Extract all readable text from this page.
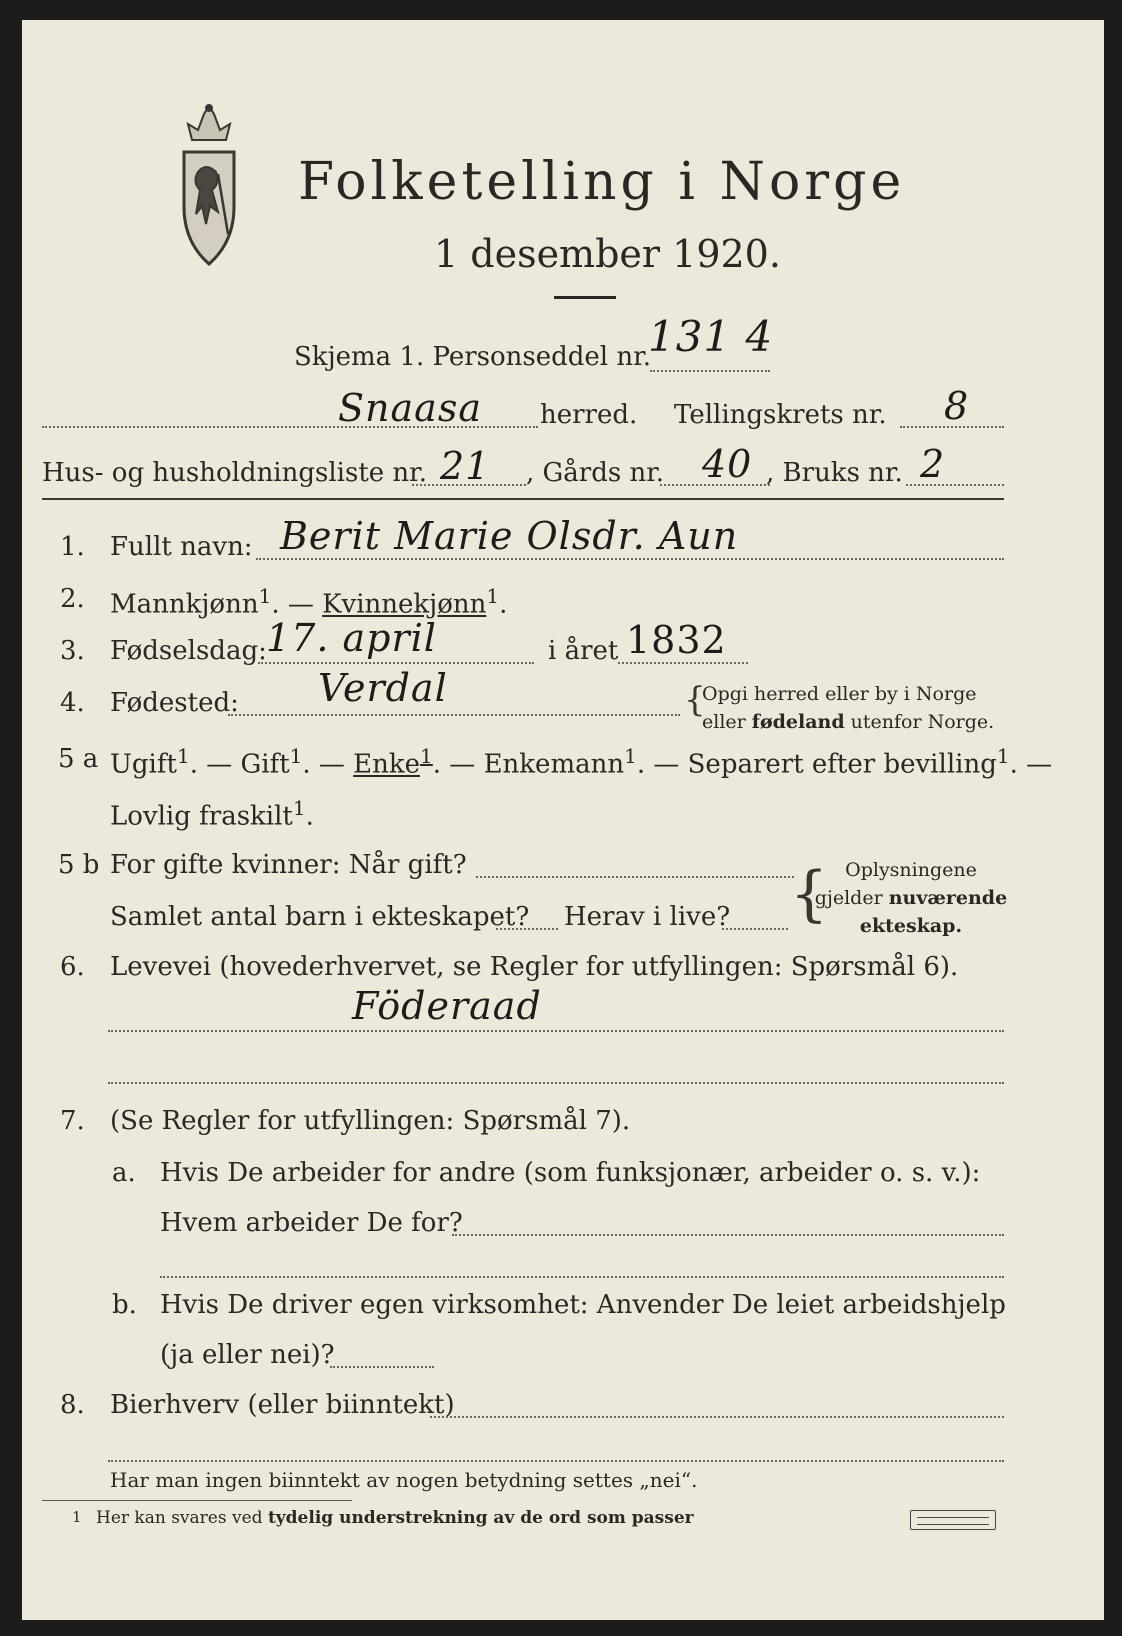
Folketelling i Norge
1 desember 1920.
Skjema 1. Personseddel nr.
131 4
Snaasa herred. Tellingskrets nr. 8
Hus- og husholdningsliste nr. 21 , Gårds nr. 40 , Bruks nr. 2
1. Fullt navn: Berit Marie Olsdr. Aun
2. Mannkjønn$^1$. — Kvinnekjønn$^1$.
3. Fødselsdag: 17. april	i året 1832
4. Fødested: Verdal	{
Opgi herred eller by i Norge
eller fødeland utenfor Norge.
5 a Ugift$^1$. — Gift$^1$. — Enke$^1$. — Enkemann$^1$. — Separert efter bevilling$^1$. —
Lovlig fraskilt$^1$.
5 b For gifte kvinner: Når gift?
Samlet antal barn i ekteskapet? Herav i live? { Oplysningene
gjelder nuværende
ekteskap.
6. Levevei (hovederhvervet, se Regler for utfyllingen: Spørsmål 6).
Föderaad
7. (Se Regler for utfyllingen: Spørsmål 7).
a. Hvis De arbeider for andre (som funksjonær, arbeider o. s. v.):
Hvem arbeider De for?
b. Hvis De driver egen virksomhet: Anvender De leiet arbeidshjelp
(ja eller nei)?
8. Bierhverv (eller biinntekt)
Har man ingen biinntekt av nogen betydning settes „nei“.
1 Her kan svares ved tydelig understrekning av de ord som passer
